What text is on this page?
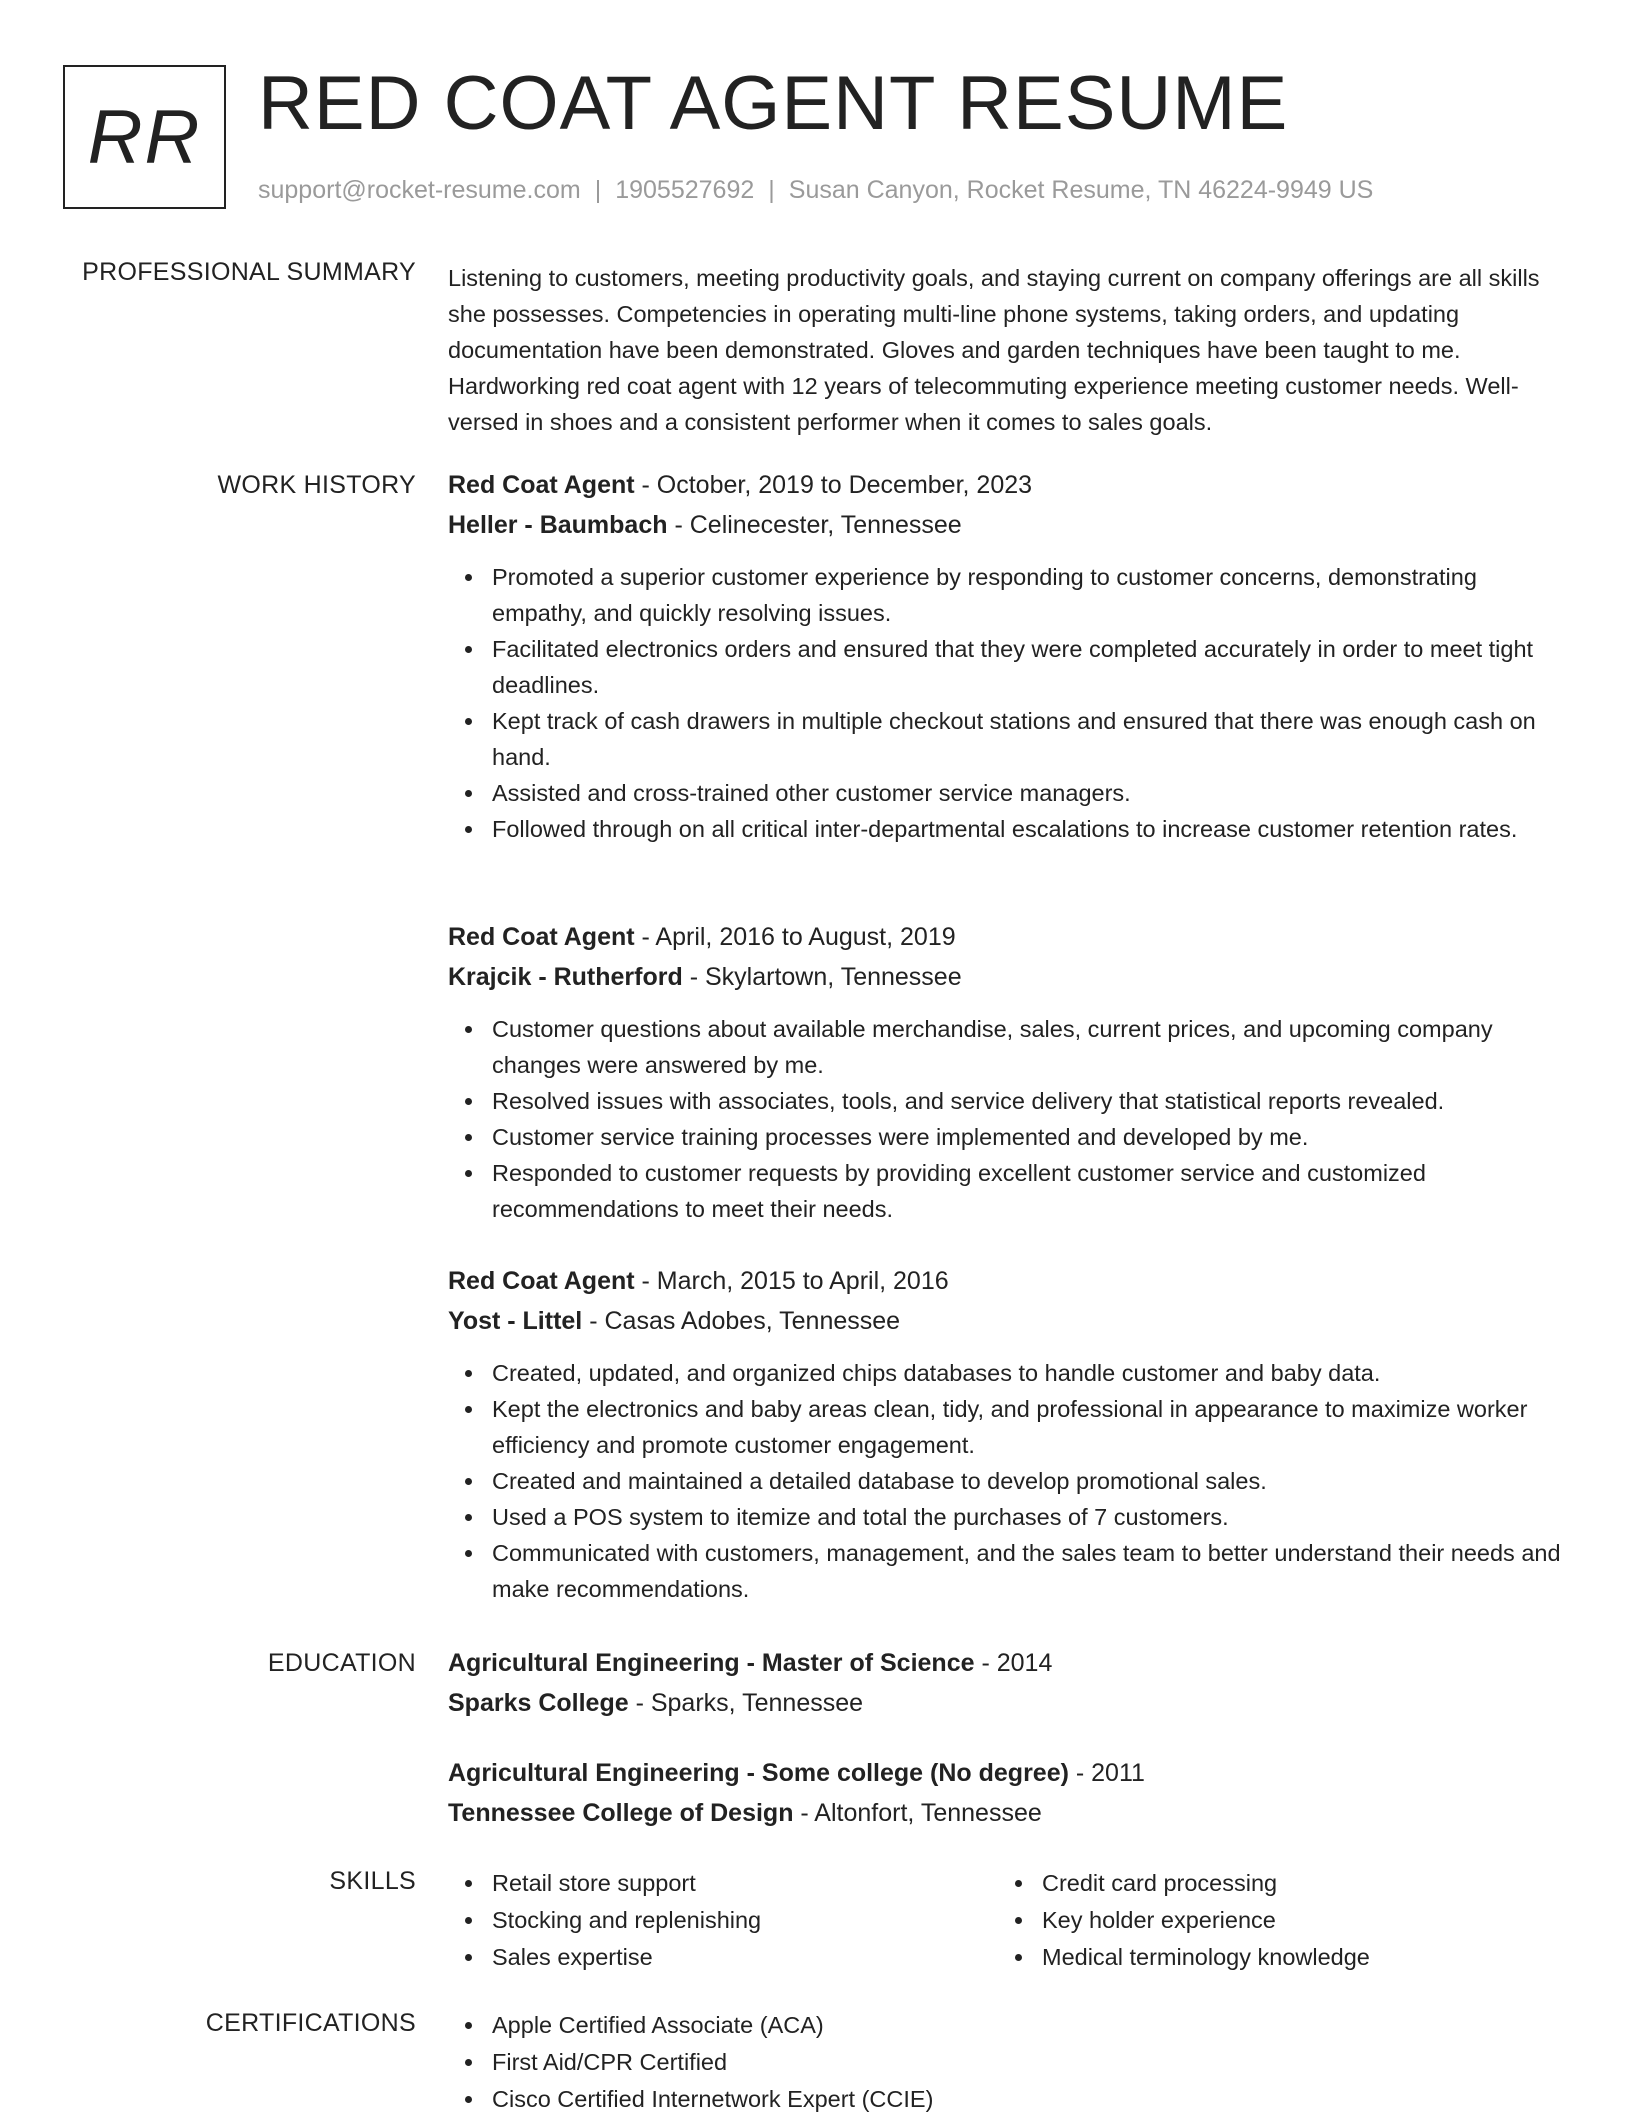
RR RED COAT AGENT RESUME
support@rocket-resume.com | 1905527692 | Susan Canyon, Rocket Resume, TN 46224-9949 US
PROFESSIONAL SUMMARY Listening to customers, meeting productivity goals, and staying current on company offerings are all skills she possesses. Competencies in operating multi-line phone systems, taking orders, and updating documentation have been demonstrated. Gloves and garden techniques have been taught to me. Hardworking red coat agent with 12 years of telecommuting experience meeting customer needs. Well-versed in shoes and a consistent performer when it comes to sales goals.
WORK HISTORY Red Coat Agent - October, 2019 to December, 2023
Heller - Baumbach - Celinecester, Tennessee
Promoted a superior customer experience by responding to customer concerns, demonstrating empathy, and quickly resolving issues.
Facilitated electronics orders and ensured that they were completed accurately in order to meet tight deadlines.
Kept track of cash drawers in multiple checkout stations and ensured that there was enough cash on hand.
Assisted and cross-trained other customer service managers.
Followed through on all critical inter-departmental escalations to increase customer retention rates.
Red Coat Agent - April, 2016 to August, 2019
Krajcik - Rutherford - Skylartown, Tennessee
Customer questions about available merchandise, sales, current prices, and upcoming company changes were answered by me.
Resolved issues with associates, tools, and service delivery that statistical reports revealed.
Customer service training processes were implemented and developed by me.
Responded to customer requests by providing excellent customer service and customized recommendations to meet their needs.
Red Coat Agent - March, 2015 to April, 2016
Yost - Littel - Casas Adobes, Tennessee
Created, updated, and organized chips databases to handle customer and baby data.
Kept the electronics and baby areas clean, tidy, and professional in appearance to maximize worker efficiency and promote customer engagement.
Created and maintained a detailed database to develop promotional sales.
Used a POS system to itemize and total the purchases of 7 customers.
Communicated with customers, management, and the sales team to better understand their needs and make recommendations.
EDUCATION Agricultural Engineering - Master of Science - 2014
Sparks College - Sparks, Tennessee
Agricultural Engineering - Some college (No degree) - 2011
Tennessee College of Design - Altonfort, Tennessee
SKILLS	Retail store support
Stocking and replenishing
Sales expertise
Credit card processing
Key holder experience
Medical terminology knowledge
CERTIFICATIONS	Apple Certified Associate (ACA)
First Aid/CPR Certified
Cisco Certified Internetwork Expert (CCIE)
